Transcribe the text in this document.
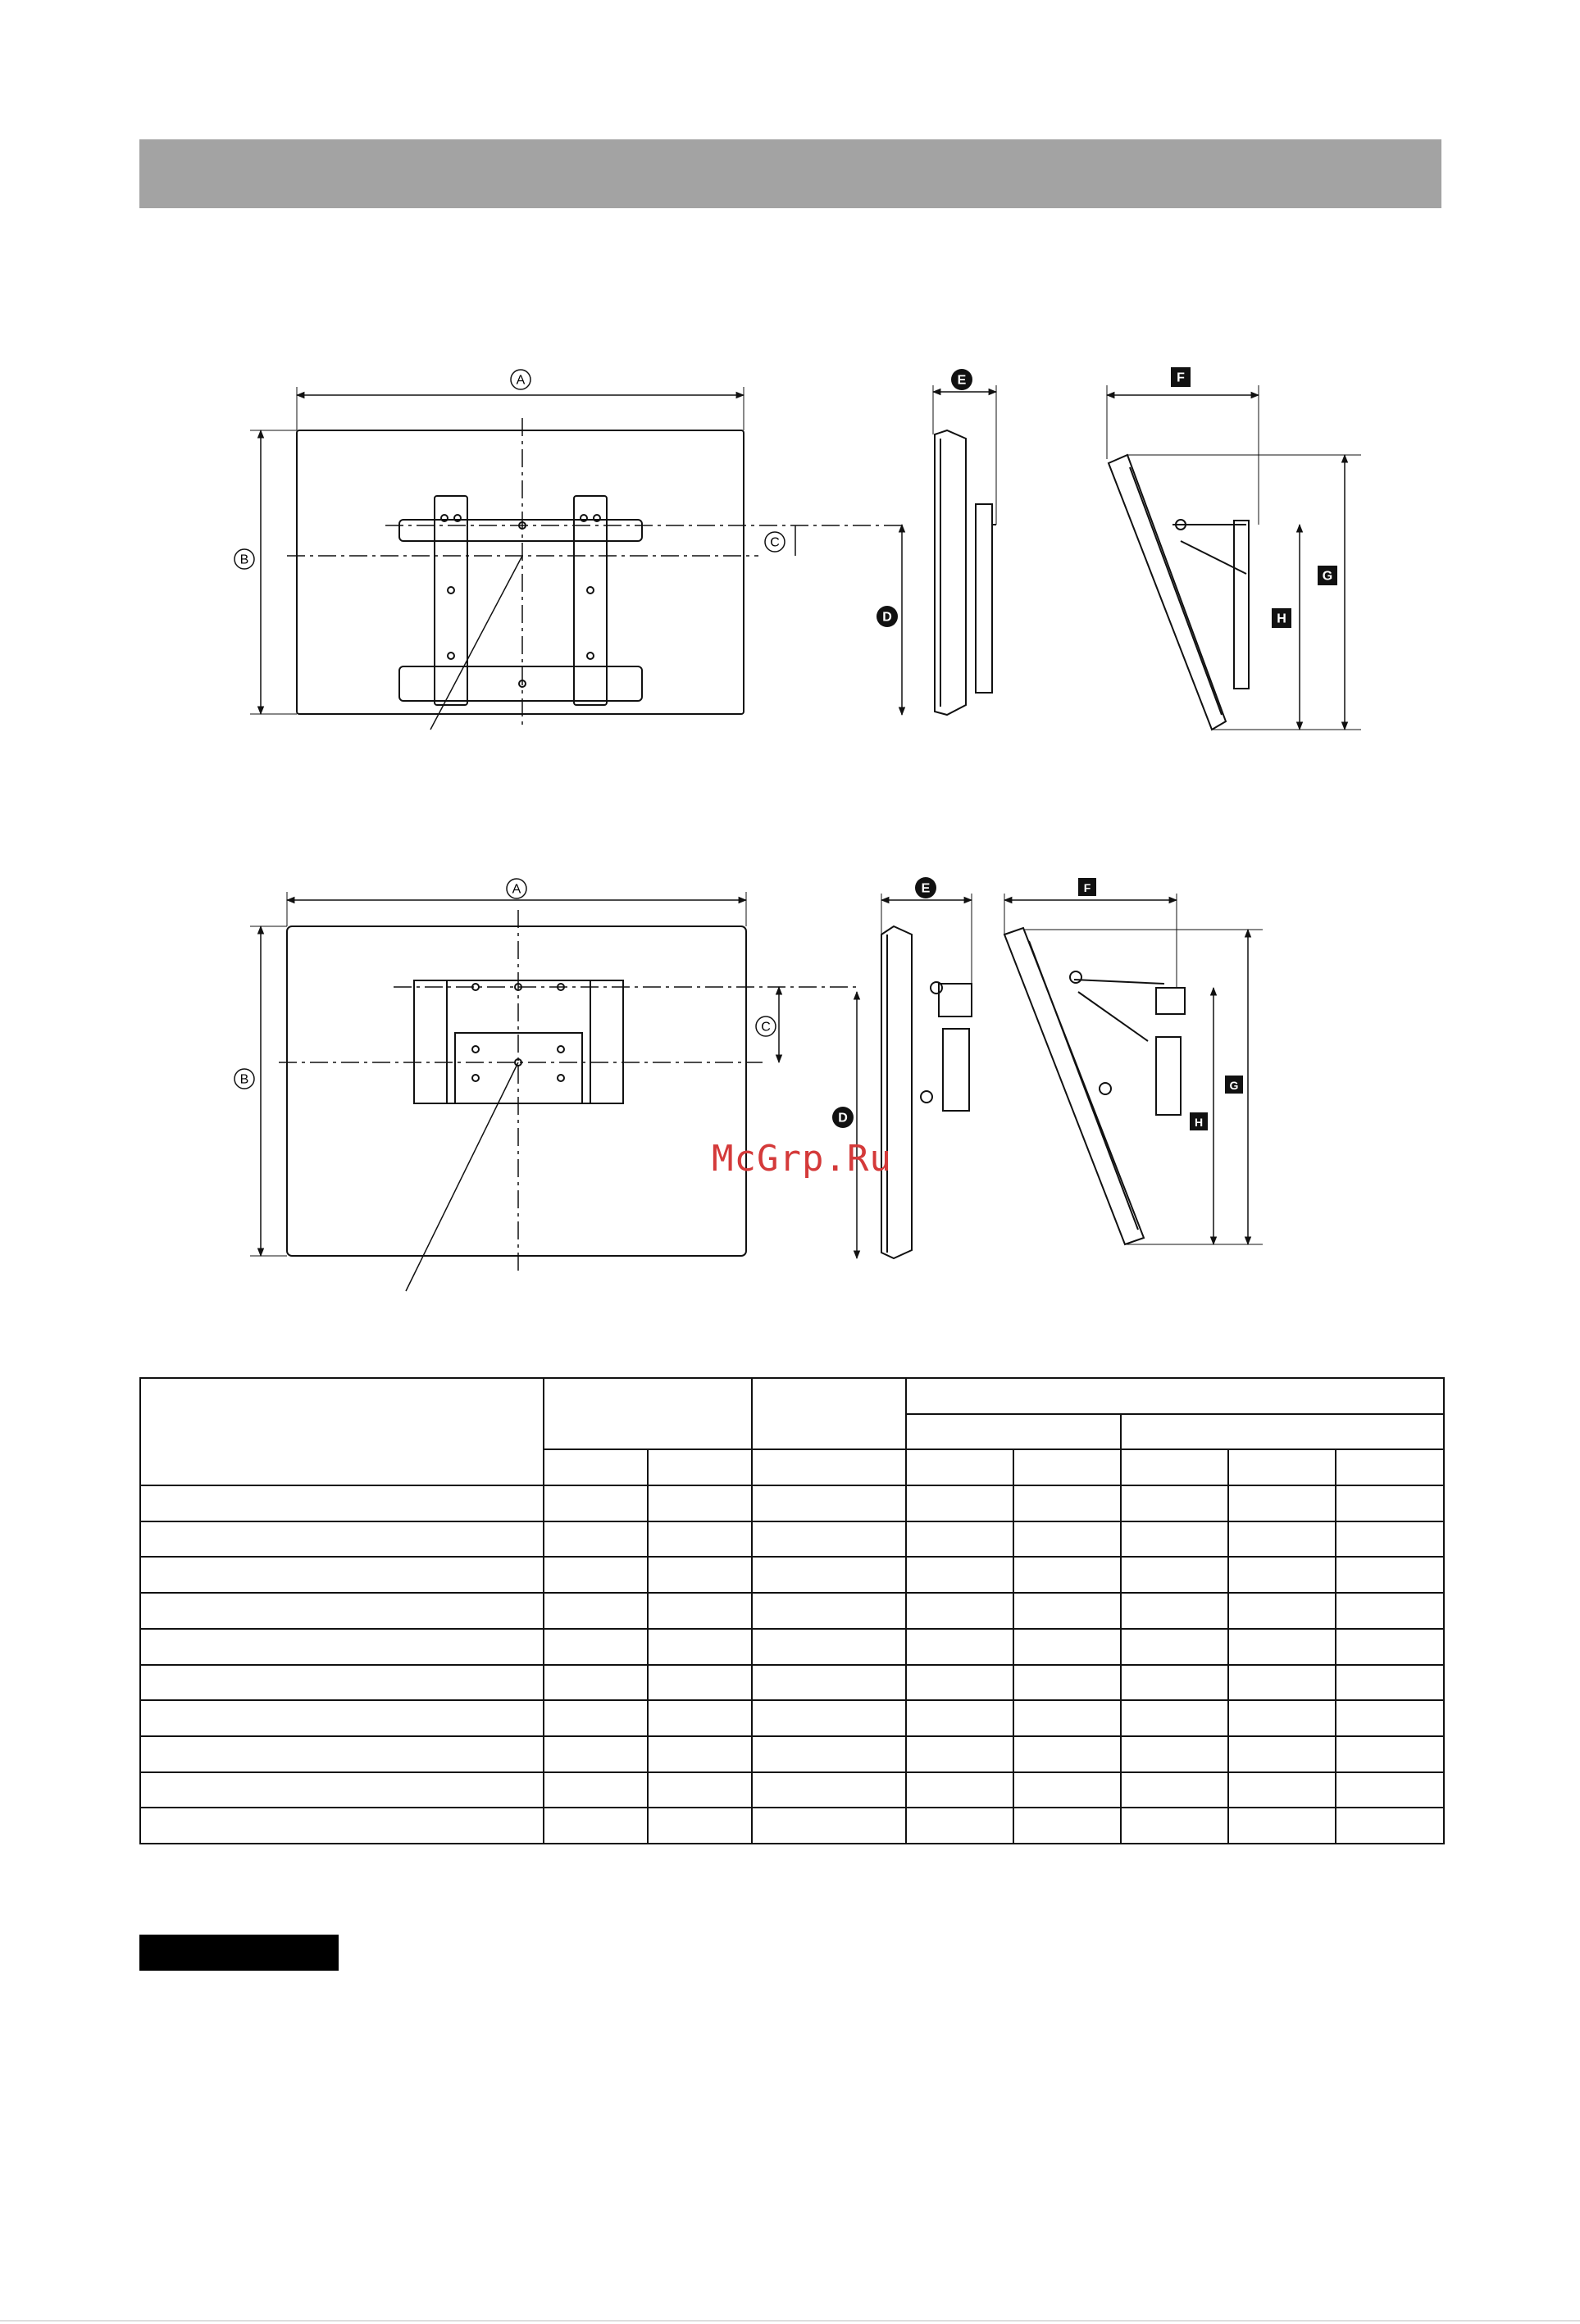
A
B
C
A
B
C
D
E
D
E
F
G
H
F
G
H
McGrp.Ru
